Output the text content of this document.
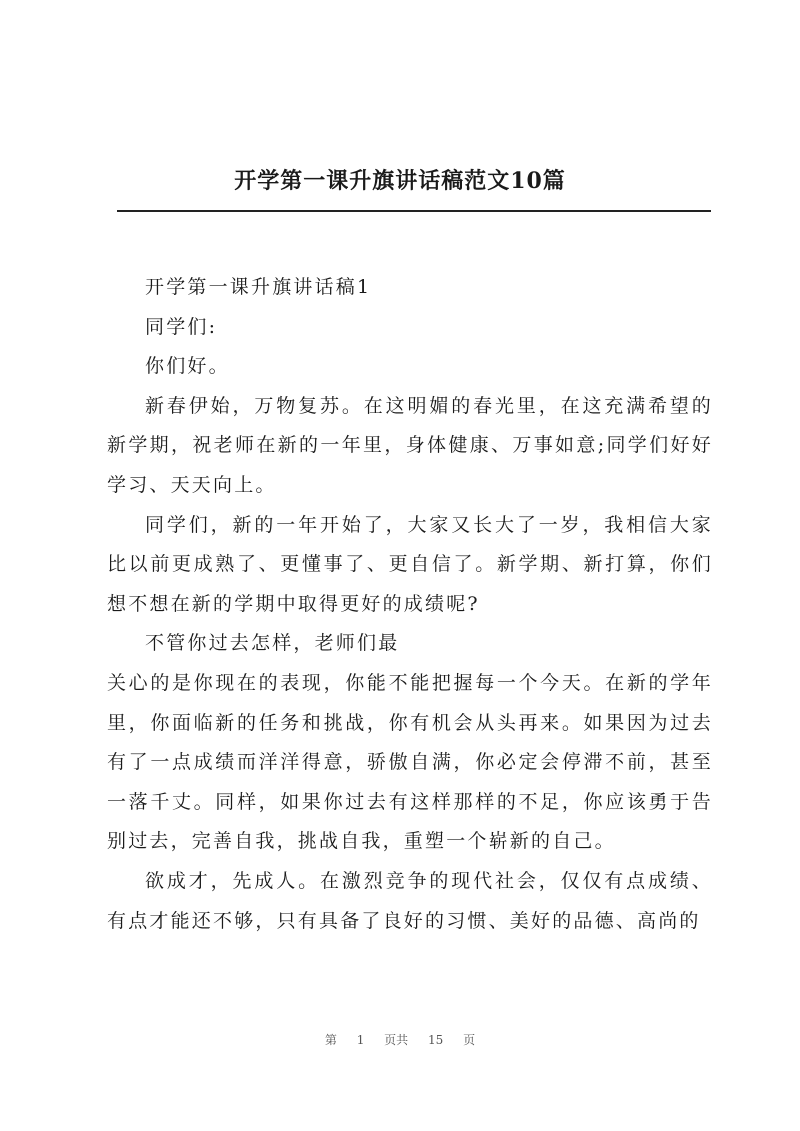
开学第一课升旗讲话稿范文10篇

开学第一课升旗讲话稿1

同学们:

你们好。

新春伊始，万物复苏。在这明媚的春光里，在这充满希望的新学期，祝老师在新的一年里，身体健康、万事如意;同学们好好学习、天天向上。

同学们，新的一年开始了，大家又长大了一岁，我相信大家比以前更成熟了、更懂事了、更自信了。新学期、新打算，你们想不想在新的学期中取得更好的成绩呢?

不管你过去怎样，老师们最

关心的是你现在的表现，你能不能把握每一个今天。在新的学年里，你面临新的任务和挑战，你有机会从头再来。如果因为过去有了一点成绩而洋洋得意，骄傲自满，你必定会停滞不前，甚至一落千丈。同样，如果你过去有这样那样的不足，你应该勇于告别过去，完善自我，挑战自我，重塑一个崭新的自己。

欲成才，先成人。在激烈竞争的现代社会，仅仅有点成绩、有点才能还不够，只有具备了良好的习惯、美好的品德、高尚的

第 1 页共 15 页
